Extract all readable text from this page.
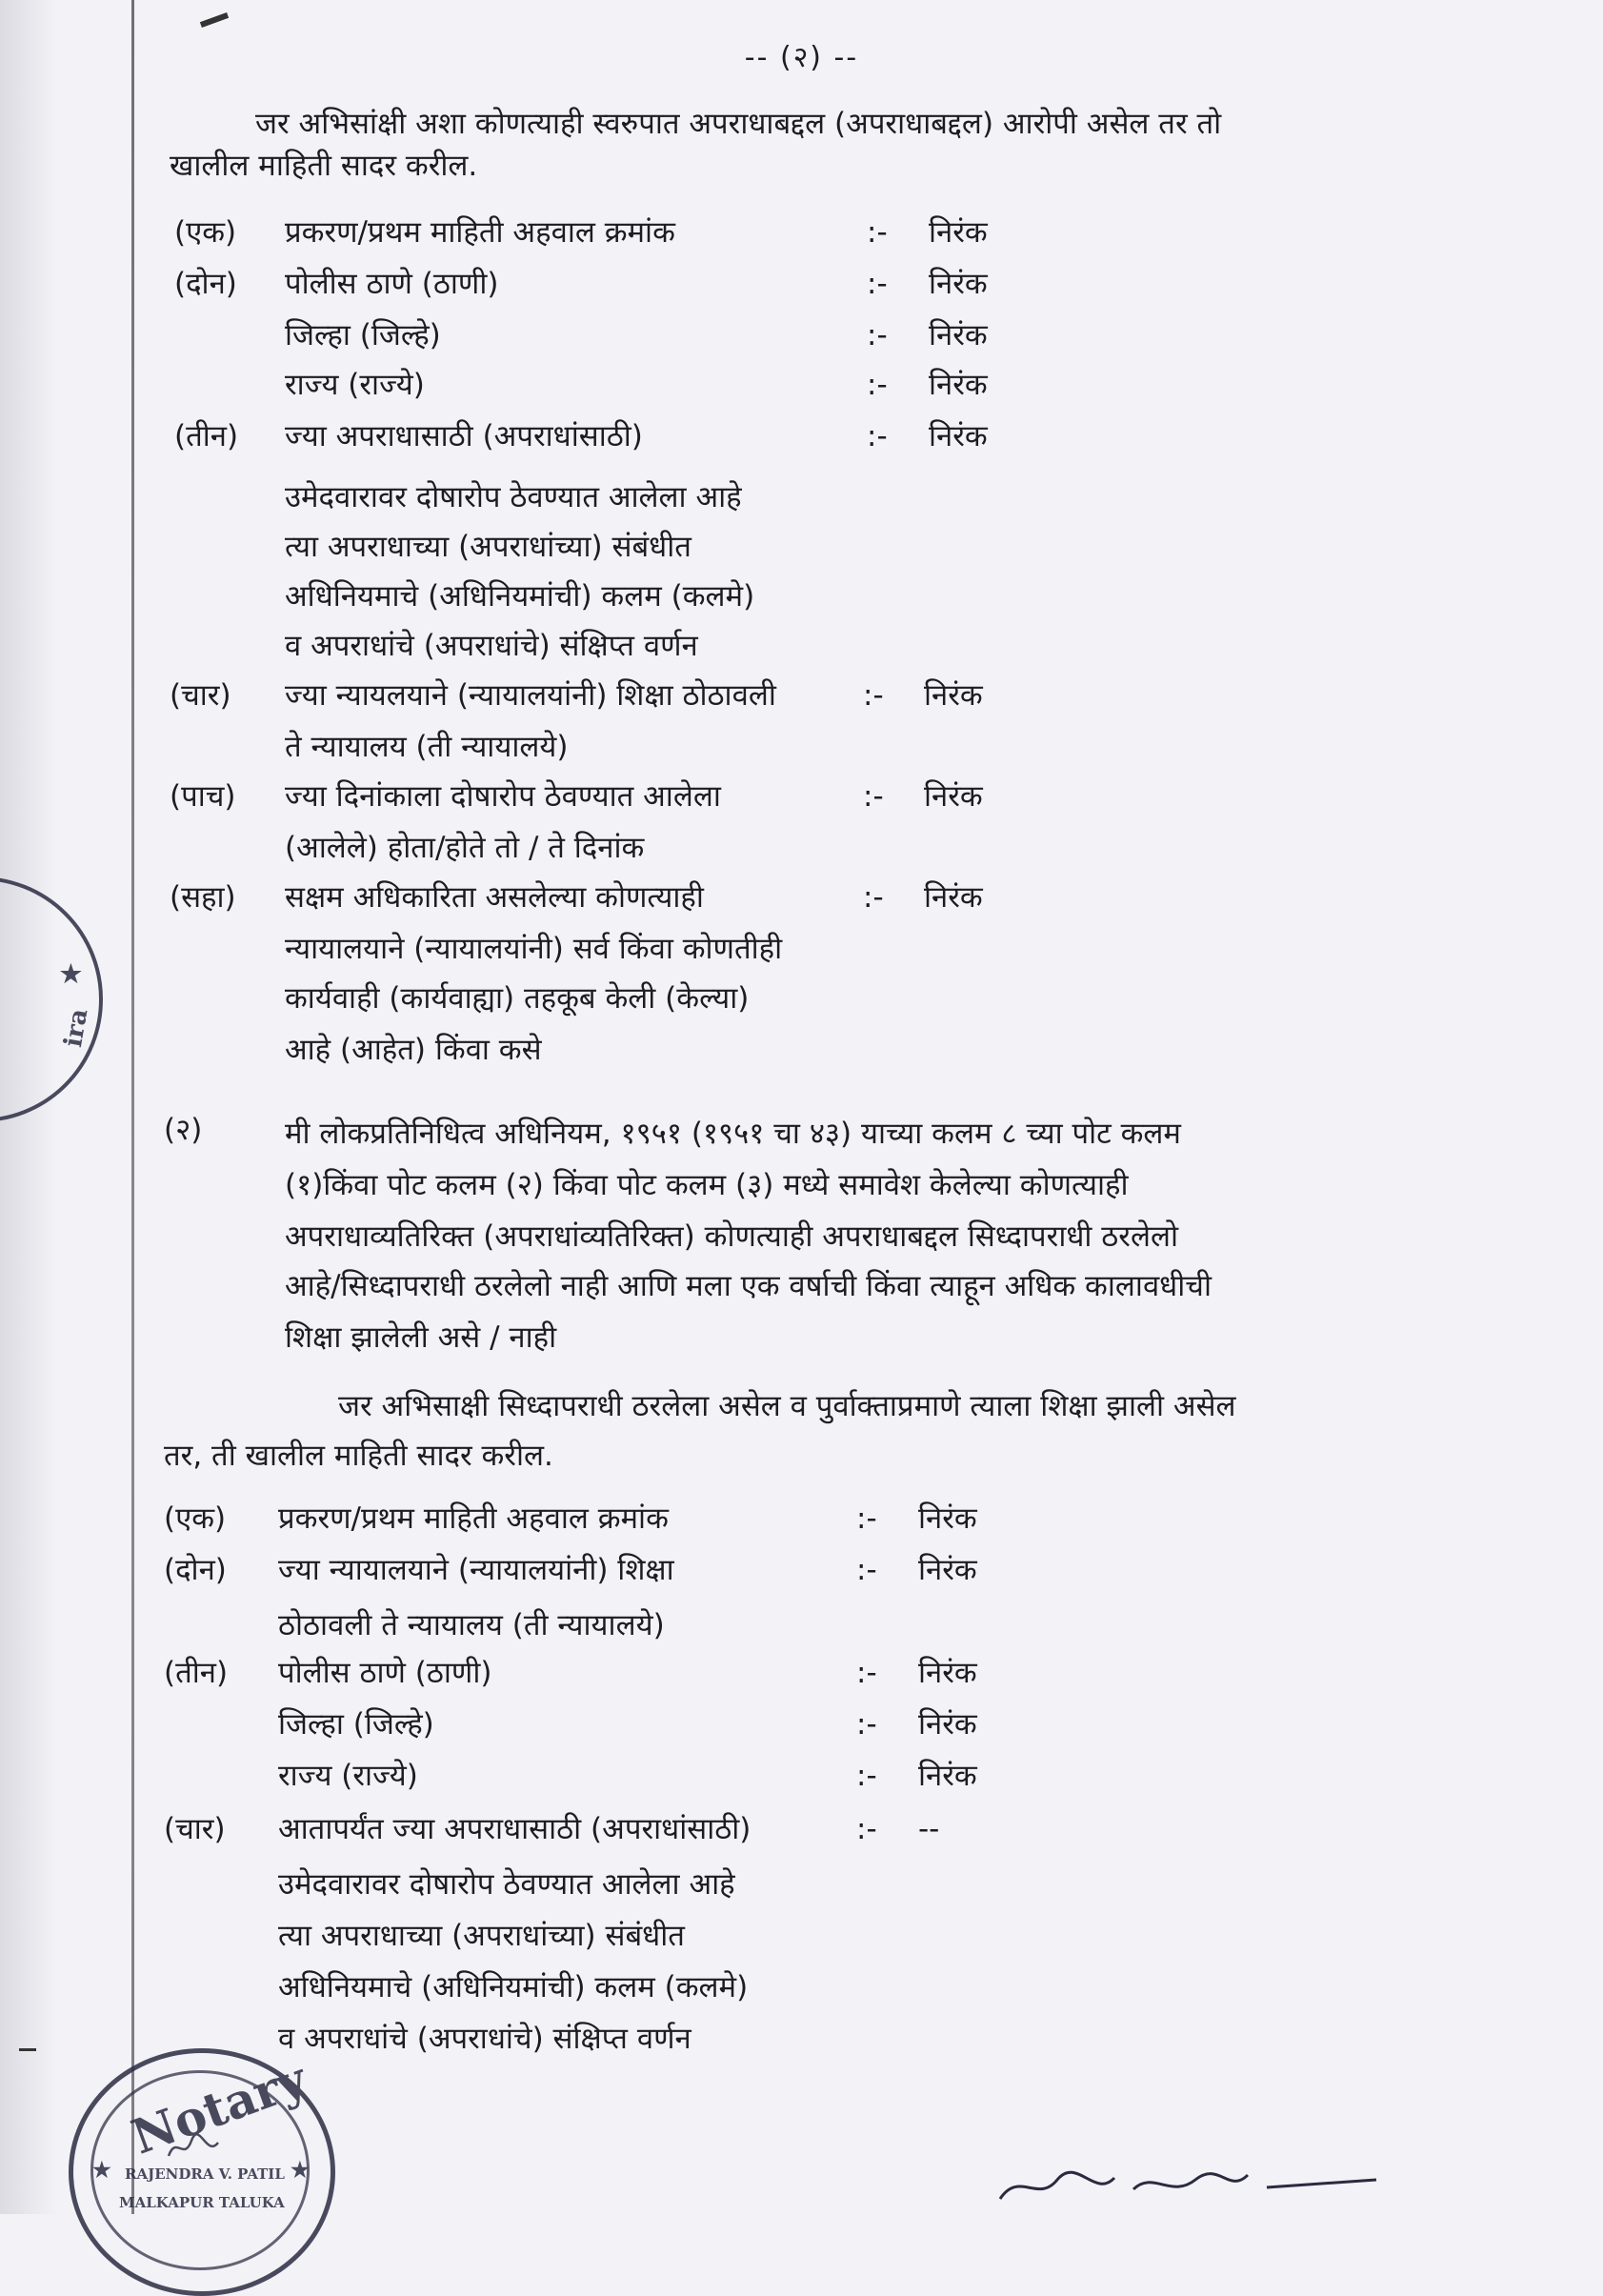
-- (२) --
जर अभिसांक्षी अशा कोणत्याही स्वरुपात अपराधाबद्दल (अपराधाबद्दल) आरोपी असेल तर तो
खालील माहिती सादर करील.
(एक) प्रकरण/प्रथम माहिती अहवाल क्रमांक	:- निरंक
(दोन) पोलीस ठाणे (ठाणी)	:- निरंक
जिल्हा (जिल्हे)	:- निरंक
राज्य (राज्ये)	:- निरंक
(तीन) ज्या अपराधासाठी (अपराधांसाठी)	:- निरंक
उमेदवारावर दोषारोप ठेवण्यात आलेला आहे
त्या अपराधाच्या (अपराधांच्या) संबंधीत
अधिनियमाचे (अधिनियमांची) कलम (कलमे)
व अपराधांचे (अपराधांचे) संक्षिप्त वर्णन
(चार) ज्या न्यायलयाने (न्यायालयांनी) शिक्षा ठोठावली	:- निरंक
ते न्यायालय (ती न्यायालये)
(पाच) ज्या दिनांकाला दोषारोप ठेवण्यात आलेला	:- निरंक
(आलेले) होता/होते तो / ते दिनांक
(सहा) सक्षम अधिकारिता असलेल्या कोणत्याही	:- निरंक
न्यायालयाने (न्यायालयांनी) सर्व किंवा कोणतीही
कार्यवाही (कार्यवाह्या) तहकूब केली (केल्या)
आहे (आहेत) किंवा कसे
(२)	मी लोकप्रतिनिधित्व अधिनियम, १९५१ (१९५१ चा ४३) याच्या कलम ८ च्या पोट कलम
(१)किंवा पोट कलम (२) किंवा पोट कलम (३) मध्ये समावेश केलेल्या कोणत्याही
अपराधाव्यतिरिक्त (अपराधांव्यतिरिक्त) कोणत्याही अपराधाबद्दल सिध्दापराधी ठरलेलो
आहे/सिध्दापराधी ठरलेलो नाही आणि मला एक वर्षाची किंवा त्याहून अधिक कालावधीची
शिक्षा झालेली असे / नाही
जर अभिसाक्षी सिध्दापराधी ठरलेला असेल व पुर्वाक्ताप्रमाणे त्याला शिक्षा झाली असेल
तर, ती खालील माहिती सादर करील.
(एक) प्रकरण/प्रथम माहिती अहवाल क्रमांक	:- निरंक
(दोन) ज्या न्यायालयाने (न्यायालयांनी) शिक्षा	:- निरंक
ठोठावली ते न्यायालय (ती न्यायालये)
(तीन) पोलीस ठाणे (ठाणी)	:- निरंक
जिल्हा (जिल्हे)	:- निरंक
राज्य (राज्ये)	:- निरंक
(चार) आतापर्यंत ज्या अपराधासाठी (अपराधांसाठी)	:- --
उमेदवारावर दोषारोप ठेवण्यात आलेला आहे
त्या अपराधाच्या (अपराधांच्या) संबंधीत
अधिनियमाचे (अधिनियमांची) कलम (कलमे)
व अपराधांचे (अपराधांचे) संक्षिप्त वर्णन
★
ira
Notary
★	★
RAJENDRA V. PATIL
MALKAPUR TALUKA
